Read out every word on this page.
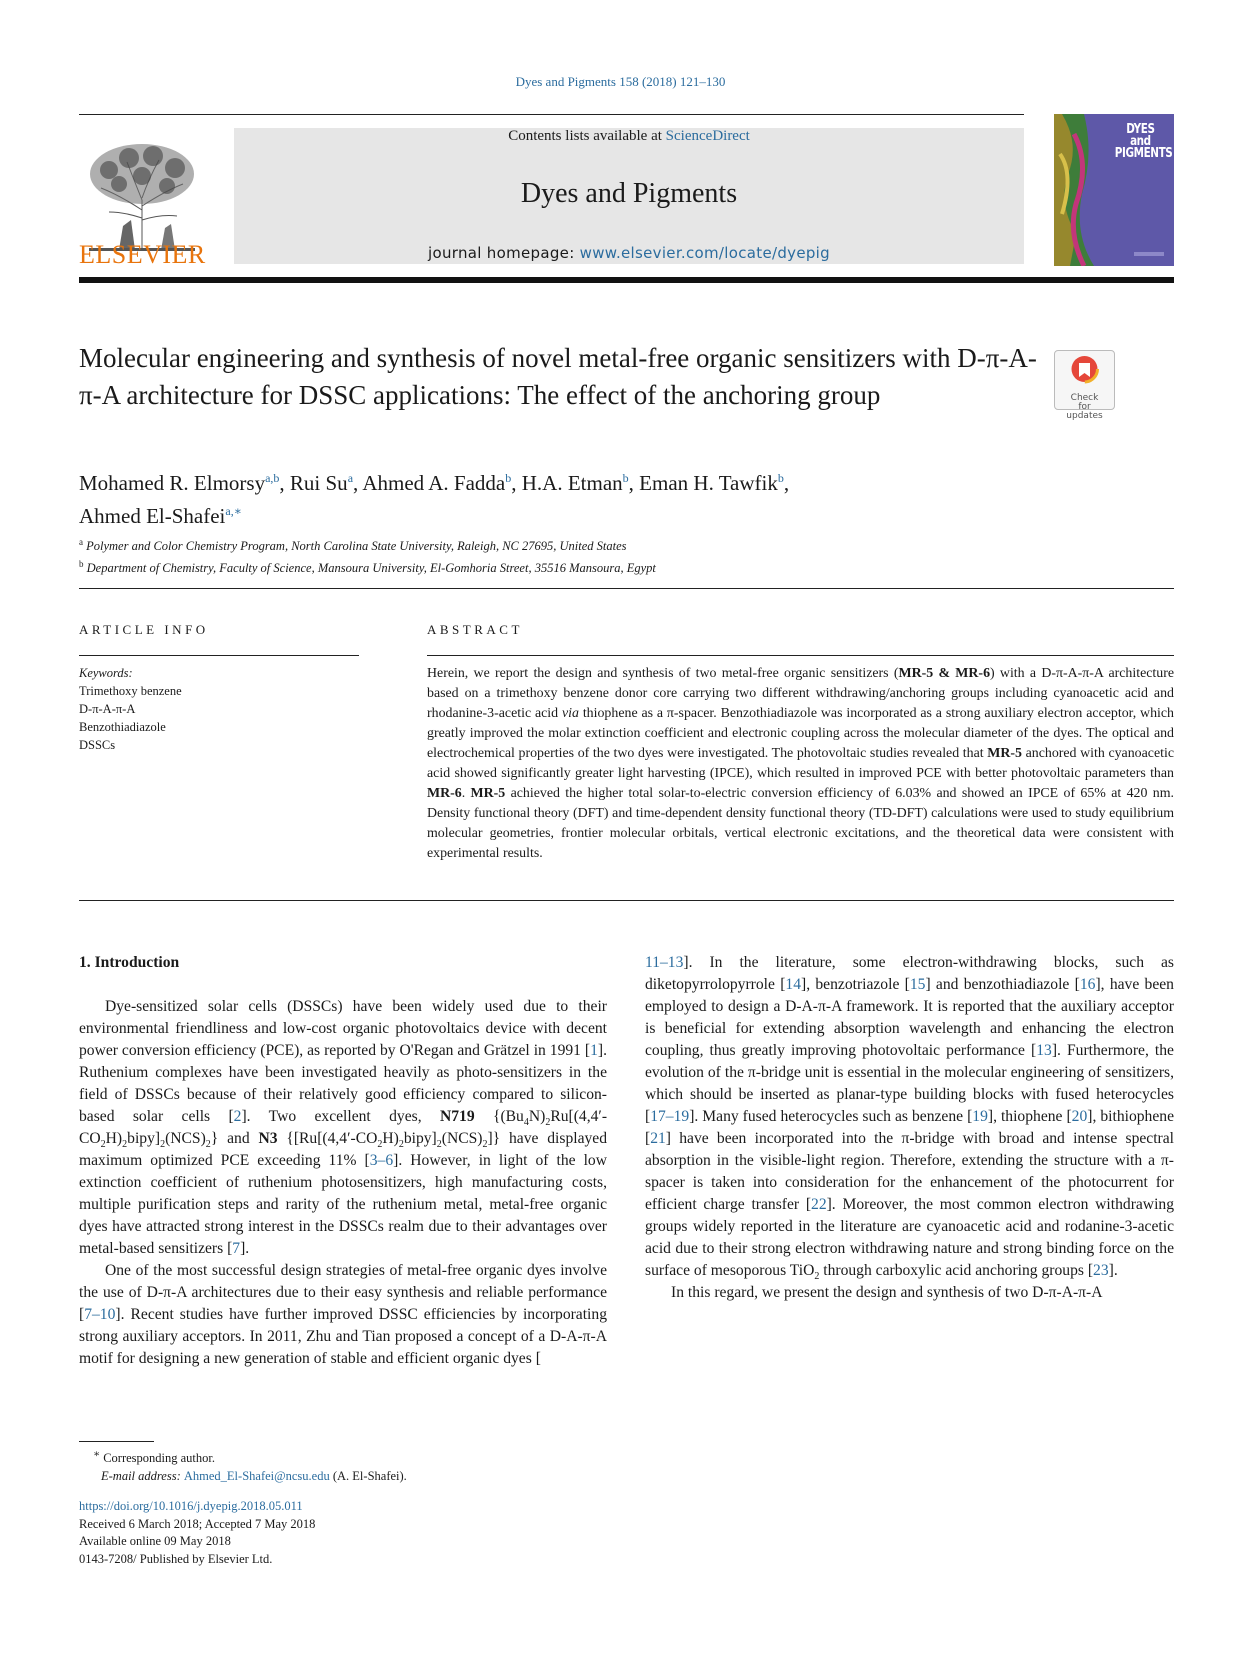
Dyes and Pigments 158 (2018) 121–130
ELSEVIER
Contents lists available at ScienceDirect
Dyes and Pigments
journal homepage: www.elsevier.com/locate/dyepig
DYES and PIGMENTS
Molecular engineering and synthesis of novel metal-free organic sensitizers with D-π-A-π-A architecture for DSSC applications: The effect of the anchoring group	Check for updates
Mohamed R. Elmorsy$^{a,b}$, Rui Su$^a$, Ahmed A. Fadda$^b$, H.A. Etman$^b$, Eman H. Tawfik$^b$,
Ahmed El-Shafei$^{a,∗}$
$^a$ Polymer and Color Chemistry Program, North Carolina State University, Raleigh, NC 27695, United States
$^b$ Department of Chemistry, Faculty of Science, Mansoura University, El-Gomhoria Street, 35516 Mansoura, Egypt
ARTICLE INFO	ABSTRACT
Keywords:
Trimethoxy benzene
D-π-A-π-A
Benzothiadiazole
DSSCs
Herein, we report the design and synthesis of two metal-free organic sensitizers (MR-5 & MR-6) with a D-π-A-π-A architecture based on a trimethoxy benzene donor core carrying two different withdrawing/anchoring groups including cyanoacetic acid and rhodanine-3-acetic acid via thiophene as a π-spacer. Benzothiadiazole was incorporated as a strong auxiliary electron acceptor, which greatly improved the molar extinction coefficient and electronic coupling across the molecular diameter of the dyes. The optical and electrochemical properties of the two dyes were investigated. The photovoltaic studies revealed that MR-5 anchored with cyanoacetic acid showed significantly greater light harvesting (IPCE), which resulted in improved PCE with better photovoltaic parameters than MR-6. MR-5 achieved the higher total solar-to-electric conversion efficiency of 6.03% and showed an IPCE of 65% at 420 nm. Density functional theory (DFT) and time-dependent density functional theory (TD-DFT) calculations were used to study equilibrium molecular geometries, frontier molecular orbitals, vertical electronic excitations, and the theoretical data were consistent with experimental results.
1. Introduction

Dye-sensitized solar cells (DSSCs) have been widely used due to their environmental friendliness and low-cost organic photovoltaics device with decent power conversion efficiency (PCE), as reported by O'Regan and Grätzel in 1991 [1]. Ruthenium complexes have been investigated heavily as photo-sensitizers in the field of DSSCs because of their relatively good efficiency compared to silicon-based solar cells [2]. Two excellent dyes, N719 $\{(Bu_4N)_2Ru[(4,4'-CO_2H)_2bipy]_2(NCS)_2\}$ and N3 $\{[Ru[(4,4'-CO_2H)_2bipy]_2(NCS)_2]\}$ have displayed maximum optimized PCE exceeding 11% [3–6]. However, in light of the low extinction coefficient of ruthenium photosensitizers, high manufacturing costs, multiple purification steps and rarity of the ruthenium metal, metal-free organic dyes have attracted strong interest in the DSSCs realm due to their advantages over metal-based sensitizers [7].

One of the most successful design strategies of metal-free organic dyes involve the use of D-π-A architectures due to their easy synthesis and reliable performance [7–10]. Recent studies have further improved DSSC efficiencies by incorporating strong auxiliary acceptors. In 2011, Zhu and Tian proposed a concept of a D-A-π-A motif for designing a new generation of stable and efficient organic dyes [

11–13]. In the literature, some electron-withdrawing blocks, such as diketopyrrolopyrrole [14], benzotriazole [15] and benzothiadiazole [16], have been employed to design a D-A-π-A framework. It is reported that the auxiliary acceptor is beneficial for extending absorption wavelength and enhancing the electron coupling, thus greatly improving photovoltaic performance [13]. Furthermore, the evolution of the π-bridge unit is essential in the molecular engineering of sensitizers, which should be inserted as planar-type building blocks with fused heterocycles [17–19]. Many fused heterocycles such as benzene [19], thiophene [20], bithiophene [21] have been incorporated into the π-bridge with broad and intense spectral absorption in the visible-light region. Therefore, extending the structure with a π-spacer is taken into consideration for the enhancement of the photocurrent for efficient charge transfer [22]. Moreover, the most common electron withdrawing groups widely reported in the literature are cyanoacetic acid and rodanine-3-acetic acid due to their strong electron withdrawing nature and strong binding force on the surface of mesoporous TiO$_2$ through carboxylic acid anchoring groups [23].

In this regard, we present the design and synthesis of two D-π-A-π-A

∗ Corresponding author.
E-mail address: Ahmed_El-Shafei@ncsu.edu (A. El-Shafei).
https://doi.org/10.1016/j.dyepig.2018.05.011
Received 6 March 2018; Accepted 7 May 2018
Available online 09 May 2018
0143-7208/ Published by Elsevier Ltd.
